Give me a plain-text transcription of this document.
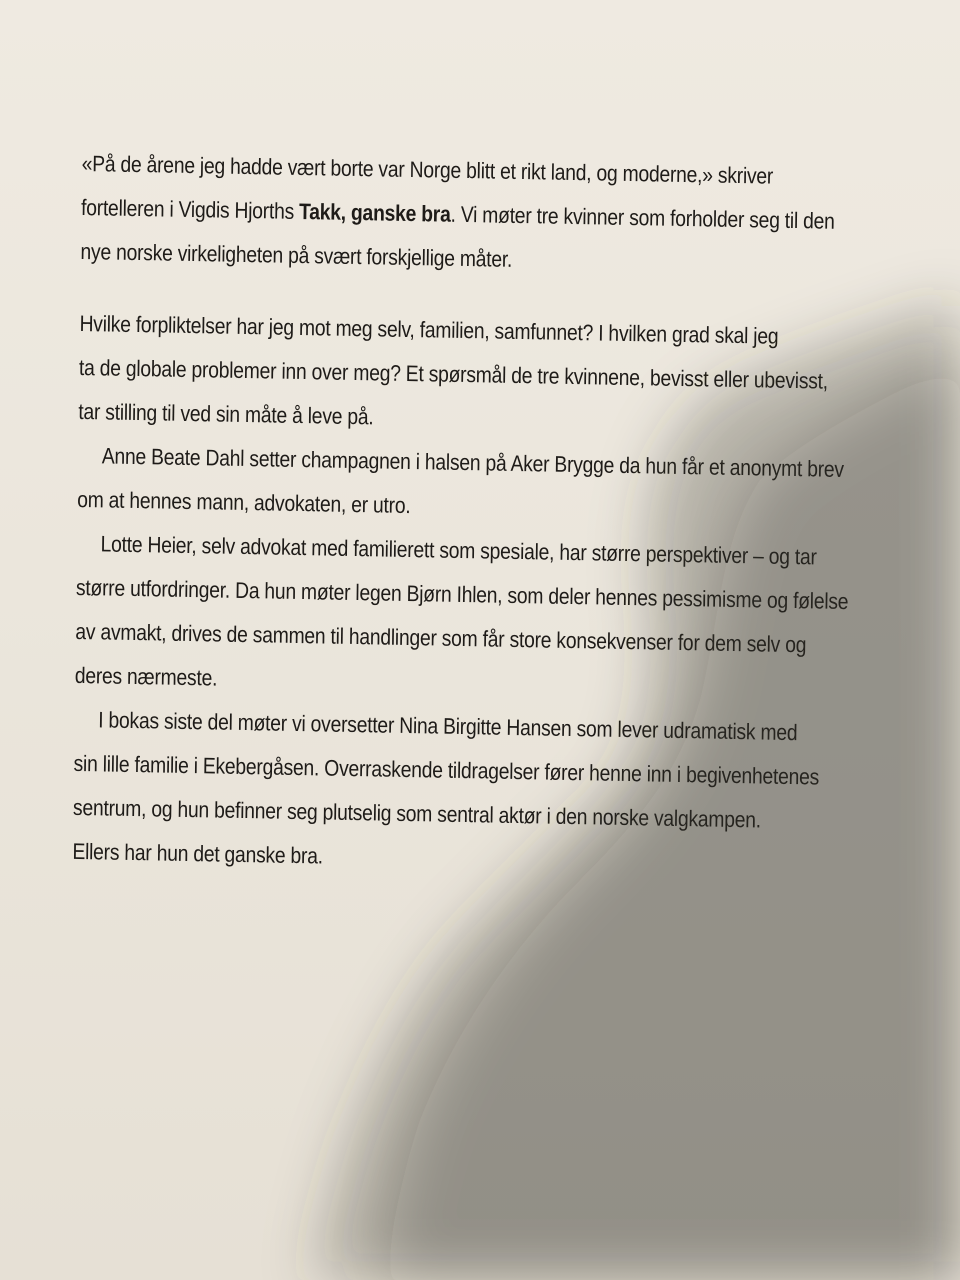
«På de årene jeg hadde vært borte var Norge blitt et rikt land, og moderne,» skriver
fortelleren i Vigdis Hjorths Takk, ganske bra. Vi møter tre kvinner som forholder seg til den
nye norske virkeligheten på svært forskjellige måter.
Hvilke forpliktelser har jeg mot meg selv, familien, samfunnet? I hvilken grad skal jeg
ta de globale problemer inn over meg? Et spørsmål de tre kvinnene, bevisst eller ubevisst,
tar stilling til ved sin måte å leve på.
Anne Beate Dahl setter champagnen i halsen på Aker Brygge da hun får et anonymt brev
om at hennes mann, advokaten, er utro.
Lotte Heier, selv advokat med familierett som spesiale, har større perspektiver – og tar
større utfordringer. Da hun møter legen Bjørn Ihlen, som deler hennes pessimisme og følelse
av avmakt, drives de sammen til handlinger som får store konsekvenser for dem selv og
deres nærmeste.
I bokas siste del møter vi oversetter Nina Birgitte Hansen som lever udramatisk med
sin lille familie i Ekebergåsen. Overraskende tildragelser fører henne inn i begivenhetenes
sentrum, og hun befinner seg plutselig som sentral aktør i den norske valgkampen.
Ellers har hun det ganske bra.
